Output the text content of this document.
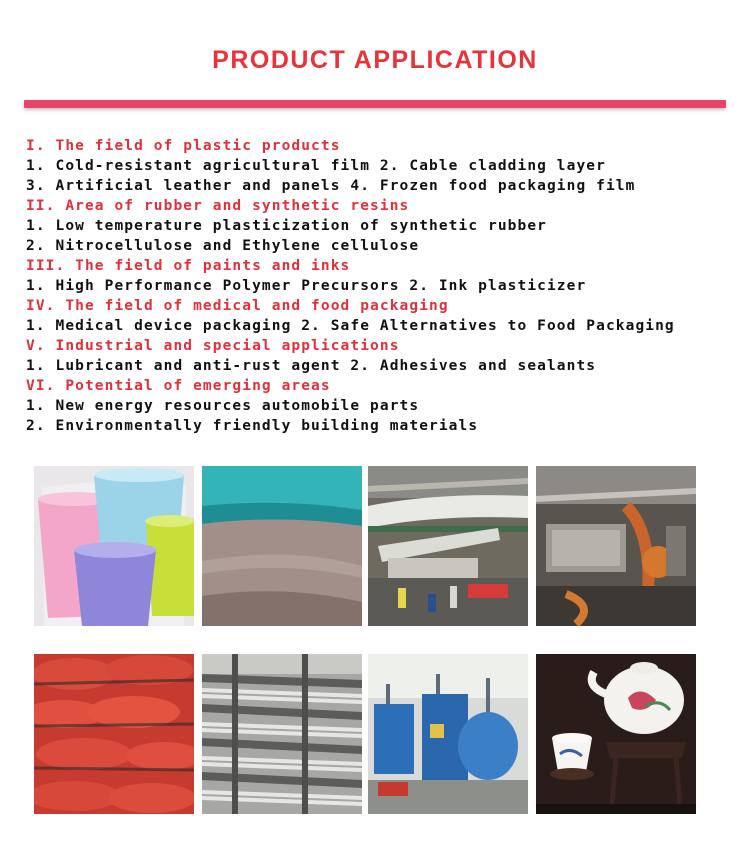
PRODUCT APPLICATION
I. The field of plastic products
1. Cold-resistant agricultural film 2. Cable cladding layer
3. Artificial leather and panels 4. Frozen food packaging film
II. Area of rubber and synthetic resins
1. Low temperature plasticization of synthetic rubber
2. Nitrocellulose and Ethylene cellulose
III. The field of paints and inks
1. High Performance Polymer Precursors 2. Ink plasticizer
IV. The field of medical and food packaging
1. Medical device packaging 2. Safe Alternatives to Food Packaging
V. Industrial and special applications
1. Lubricant and anti-rust agent 2. Adhesives and sealants
VI. Potential of emerging areas
1. New energy resources automobile parts
2. Environmentally friendly building materials
